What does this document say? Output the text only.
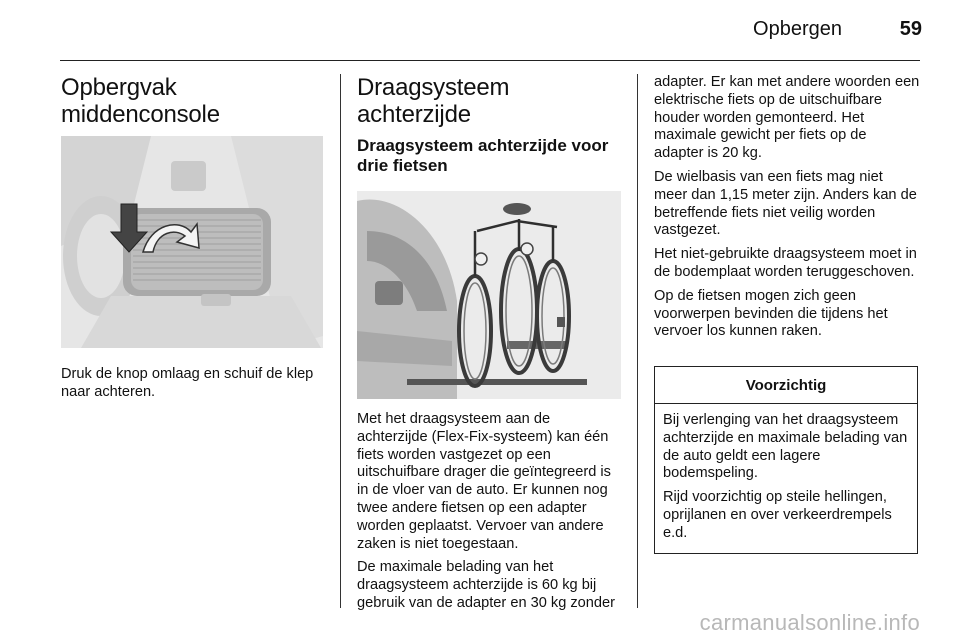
Opbergen	59
Opbergvak middenconsole

Druk de knop omlaag en schuif de klep naar achteren.

Draagsysteem achterzijde
Draagsysteem achterzijde voor drie fietsen

Met het draagsysteem aan de achterzijde (Flex-Fix-systeem) kan één fiets worden vastgezet op een uitschuifbare drager die geïntegreerd is in de vloer van de auto. Er kunnen nog twee andere fietsen op een adapter worden geplaatst. Vervoer van andere zaken is niet toegestaan.

De maximale belading van het draagsysteem achterzijde is 60 kg bij gebruik van de adapter en 30 kg zonder

adapter. Er kan met andere woorden een elektrische fiets op de uitschuifbare houder worden gemonteerd. Het maximale gewicht per fiets op de adapter is 20 kg.

De wielbasis van een fiets mag niet meer dan 1,15 meter zijn. Anders kan de betreffende fiets niet veilig worden vastgezet.

Het niet-gebruikte draagsysteem moet in de bodemplaat worden teruggeschoven.

Op de fietsen mogen zich geen voorwerpen bevinden die tijdens het vervoer los kunnen raken.

Voorzichtig

Bij verlenging van het draagsysteem achterzijde en maximale belading van de auto geldt een lagere bodemspeling.

Rijd voorzichtig op steile hellingen, oprijlanen en over verkeerdrempels e.d.

carmanualsonline.info
